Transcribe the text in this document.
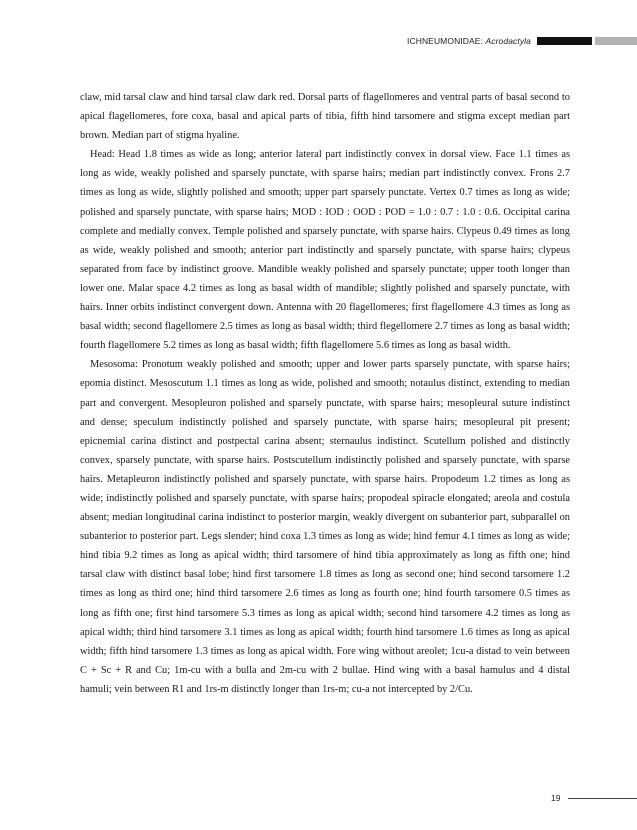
ICHNEUMONIDAE: Acrodactyla

claw, mid tarsal claw and hind tarsal claw dark red. Dorsal parts of flagellomeres and ventral parts of basal second to apical flagellomeres, fore coxa, basal and apical parts of tibia, fifth hind tarsomere and stigma except median part brown. Median part of stigma hyaline.

Head: Head 1.8 times as wide as long; anterior lateral part indistinctly convex in dorsal view. Face 1.1 times as long as wide, weakly polished and sparsely punctate, with sparse hairs; median part indistinctly convex. Frons 2.7 times as long as wide, slightly polished and smooth; upper part sparsely punctate. Vertex 0.7 times as long as wide; polished and sparsely punctate, with sparse hairs; MOD : IOD : OOD : POD = 1.0 : 0.7 : 1.0 : 0.6. Occipital carina complete and medially convex. Temple polished and sparsely punctate, with sparse hairs. Clypeus 0.49 times as long as wide, weakly polished and smooth; anterior part indistinctly and sparsely punctate, with sparse hairs; clypeus separated from face by indistinct groove. Mandible weakly polished and sparsely punctate; upper tooth longer than lower one. Malar space 4.2 times as long as basal width of mandible; slightly polished and sparsely punctate, with hairs. Inner orbits indistinct convergent down. Antenna with 20 flagellomeres; first flagellomere 4.3 times as long as basal width; second flagellomere 2.5 times as long as basal width; third flegellomere 2.7 times as long as basal width; fourth flagellomere 5.2 times as long as basal width; fifth flagellomere 5.6 times as long as basal width.

Mesosoma: Pronotum weakly polished and smooth; upper and lower parts sparsely punctate, with sparse hairs; epomia distinct. Mesoscutum 1.1 times as long as wide, polished and smooth; notaulus distinct, extending to median part and convergent. Mesopleuron polished and sparsely punctate, with sparse hairs; mesopleural suture indistinct and dense; speculum indistinctly polished and sparsely punctate, with sparse hairs; mesopleural pit present; epicnemial carina distinct and postpectal carina absent; sternaulus indistinct. Scutellum polished and distinctly convex, sparsely punctate, with sparse hairs. Postscutellum indistinctly polished and sparsely punctate, with sparse hairs. Metapleuron indistinctly polished and sparsely punctate, with sparse hairs. Propodeum 1.2 times as long as wide; indistinctly polished and sparsely punctate, with sparse hairs; propodeal spiracle elongated; areola and costula absent; median longitudinal carina indistinct to posterior margin, weakly divergent on subanterior part, subparallel on subanterior to posterior part. Legs slender; hind coxa 1.3 times as long as wide; hind femur 4.1 times as long as wide; hind tibia 9.2 times as long as apical width; third tarsomere of hind tibia approximately as long as fifth one; hind tarsal claw with distinct basal lobe; hind first tarsomere 1.8 times as long as second one; hind second tarsomere 1.2 times as long as third one; hind third tarsomere 2.6 times as long as fourth one; hind fourth tarsomere 0.5 times as long as fifth one; first hind tarsomere 5.3 times as long as apical width; second hind tarsomere 4.2 times as long as apical width; third hind tarsomere 3.1 times as long as apical width; fourth hind tarsomere 1.6 times as long as apical width; fifth hind tarsomere 1.3 times as long as apical width. Fore wing without areolet; 1cu-a distad to vein between C + Sc + R and Cu; 1m-cu with a bulla and 2m-cu with 2 bullae. Hind wing with a basal hamulus and 4 distal hamuli; vein between R1 and 1rs-m distinctly longer than 1rs-m; cu-a not intercepted by 2/Cu.

19
